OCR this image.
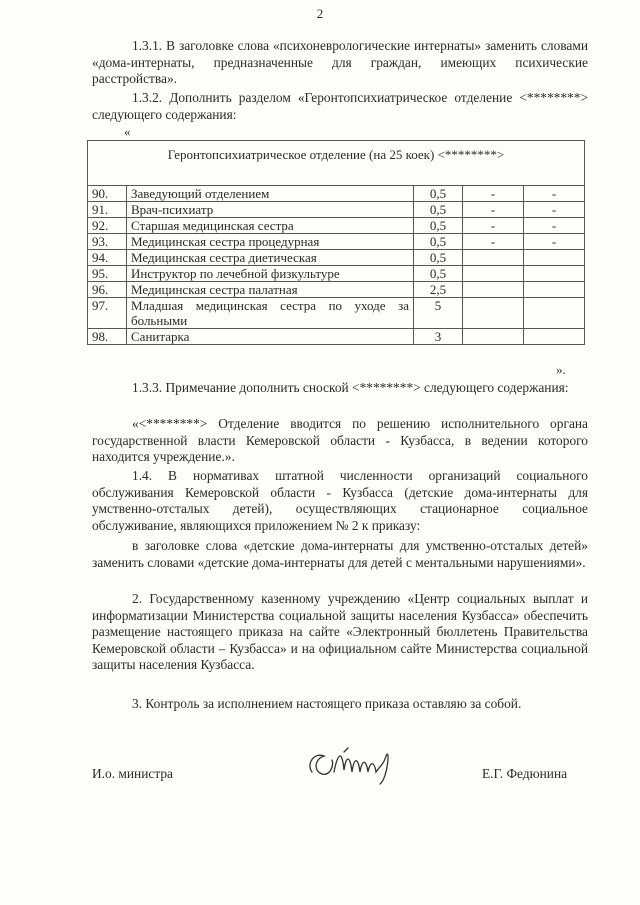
2

1.3.1. В заголовке слова «психоневрологические интернаты» заменить словами «дома-интернаты, предназначенные для граждан, имеющих психические расстройства».

1.3.2. Дополнить разделом «Геронтопсихиатрическое отделение <********> следующего содержания:

«
Геронтопсихиатрическое отделение (на 25 коек) <********>				
90.	Заведующий отделением	0,5	-	-
91.	Врач-психиатр	0,5	-	-
92.	Старшая медицинская сестра	0,5	-	-
93.	Медицинская сестра процедурная	0,5	-	-
94.	Медицинская сестра диетическая	0,5		
95.	Инструктор по лечебной физкультуре	0,5		
96.	Медицинская сестра палатная	2,5		
97.	Младшая медицинская сестра по уходе за больными	5		
98.	Санитарка	3		
».

1.3.3. Примечание дополнить сноской <********> следующего содержания:

«<********> Отделение вводится по решению исполнительного органа государственной власти Кемеровской области - Кузбасса, в ведении которого находится учреждение.».

1.4. В нормативах штатной численности организаций социального обслуживания Кемеровской области - Кузбасса (детские дома-интернаты для умственно-отсталых детей), осуществляющих стационарное социальное обслуживание, являющихся приложением № 2 к приказу:

в заголовке слова «детские дома-интернаты для умственно-отсталых детей» заменить словами «детские дома-интернаты для детей с ментальными нарушениями».

2. Государственному казенному учреждению «Центр социальных выплат и информатизации Министерства социальной защиты населения Кузбасса» обеспечить размещение настоящего приказа на сайте «Электронный бюллетень Правительства Кемеровской области – Кузбасса» и на официальном сайте Министерства социальной защиты населения Кузбасса.

3. Контроль за исполнением настоящего приказа оставляю за собой.

И.о. министра	Е.Г. Федюнина
